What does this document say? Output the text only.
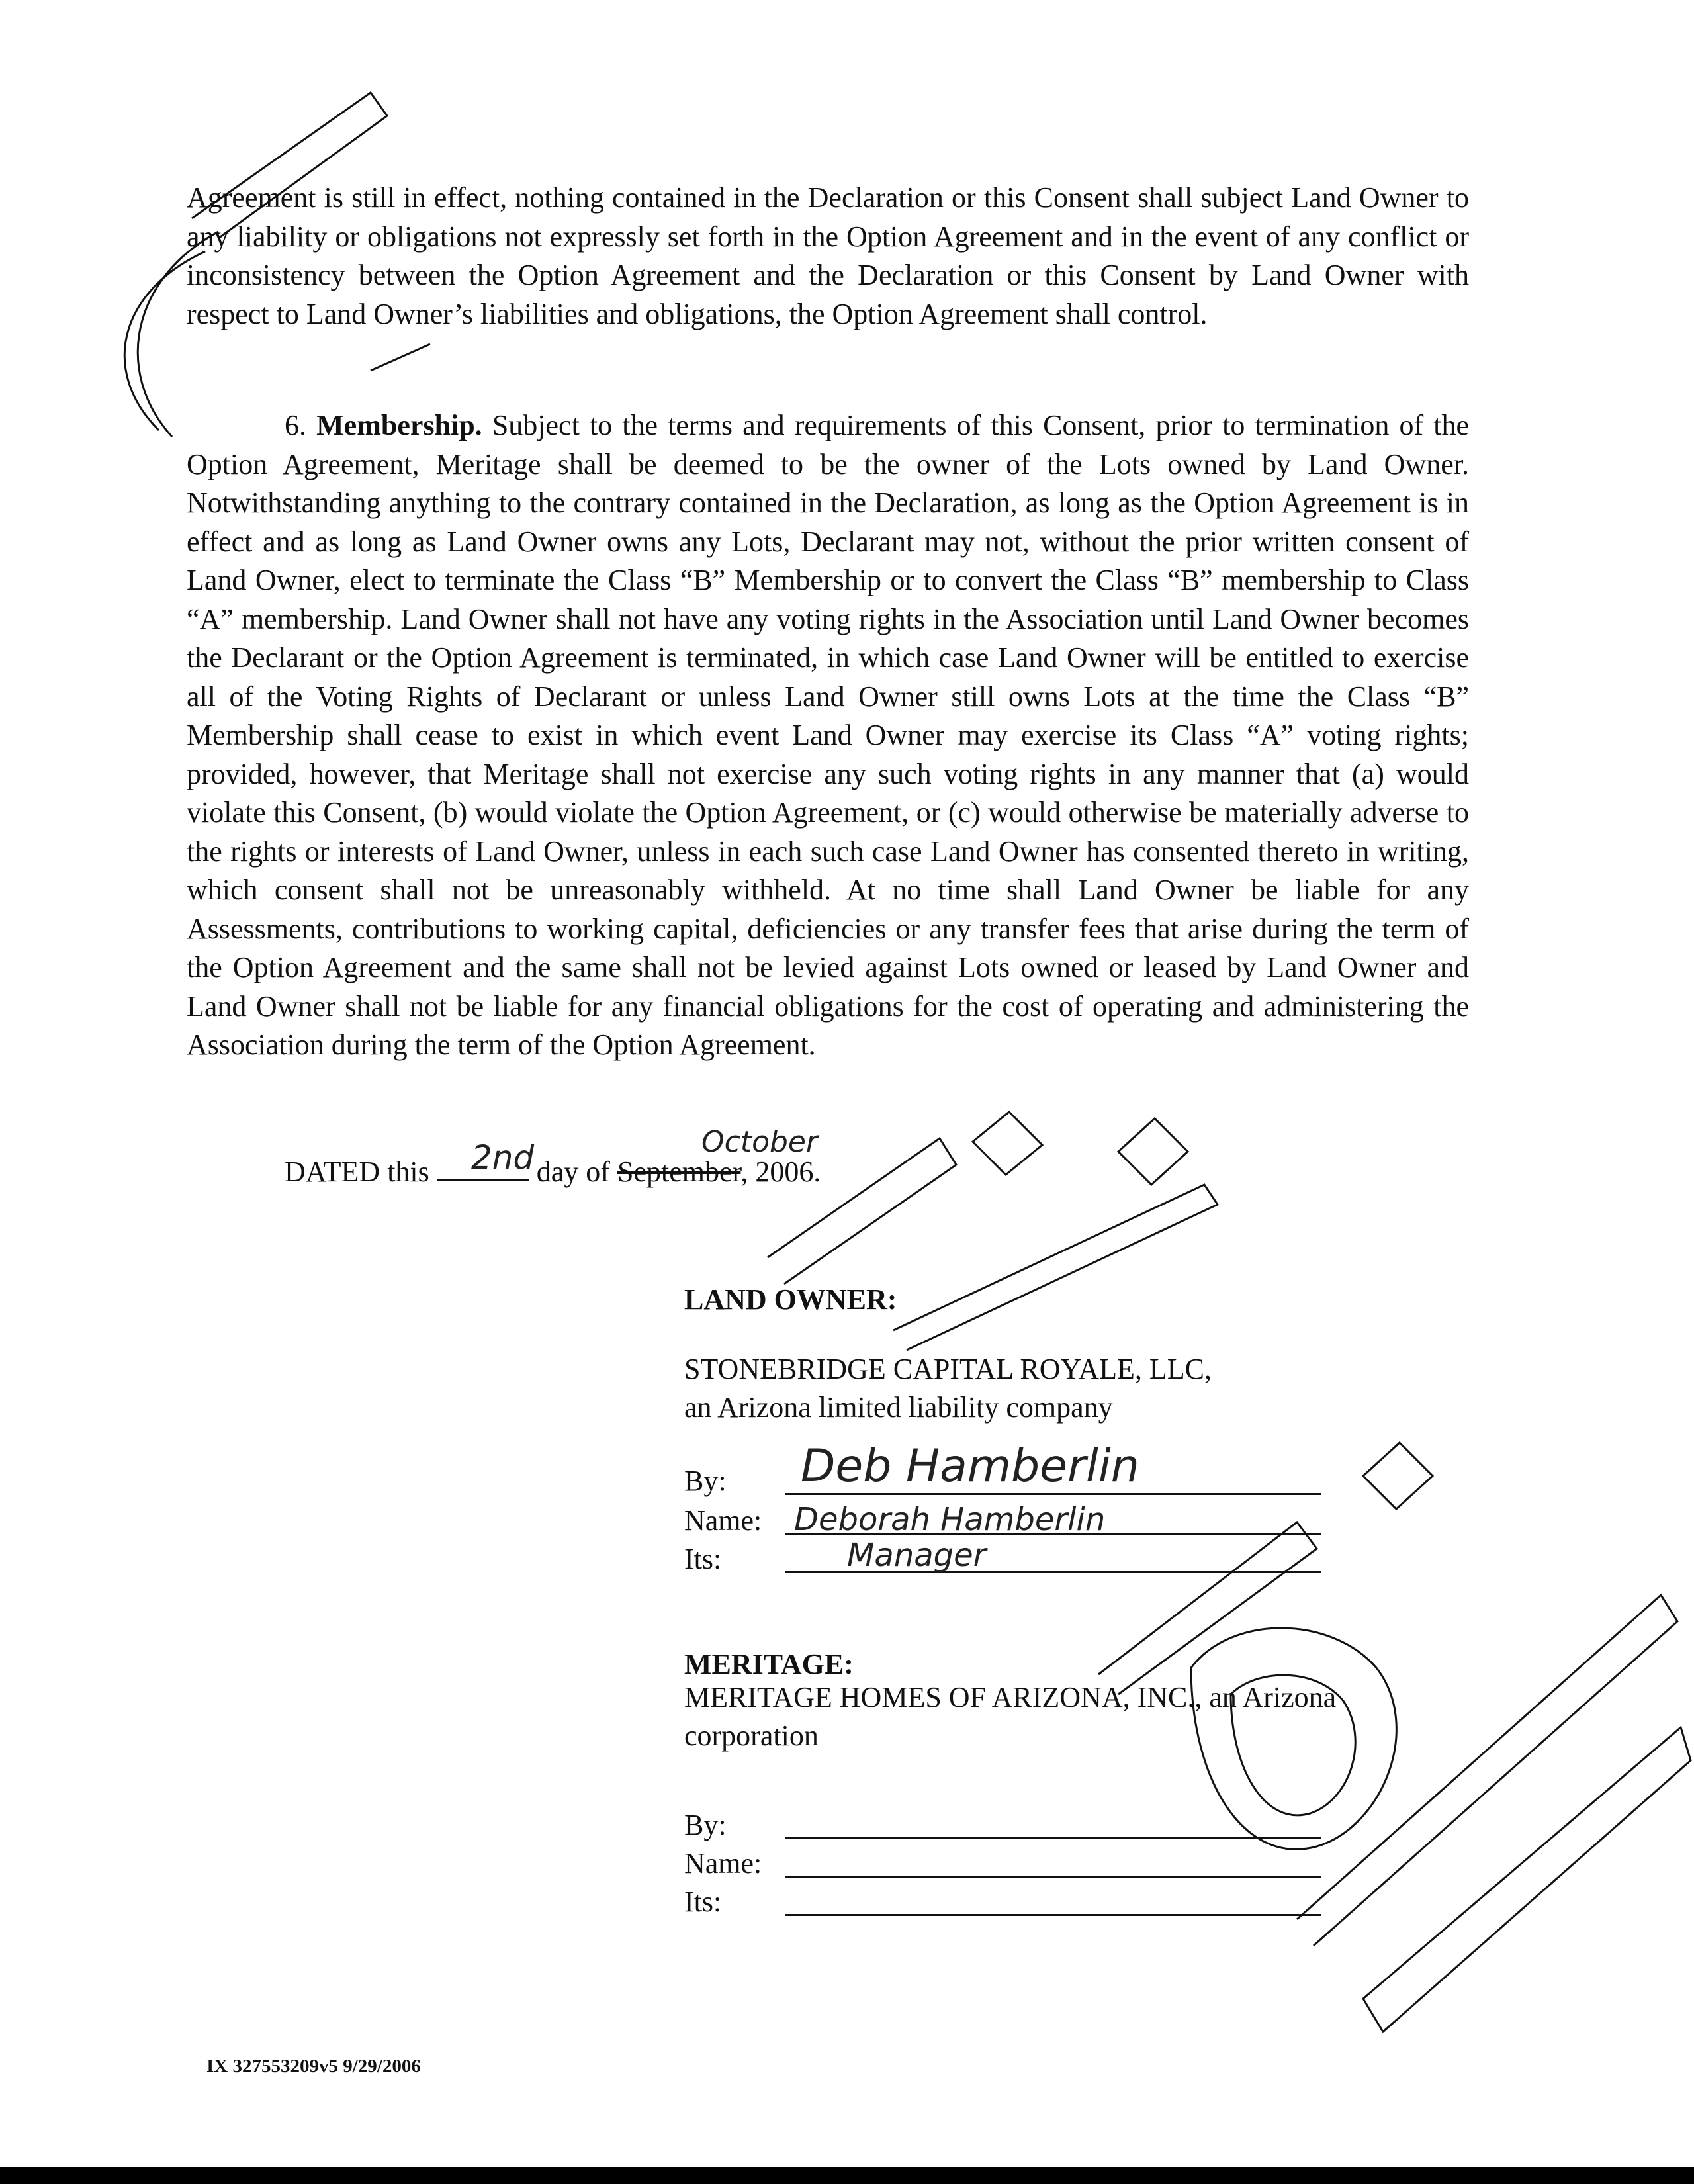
Agreement is still in effect, nothing contained in the Declaration or this Consent shall subject Land Owner to any liability or obligations not expressly set forth in the Option Agreement and in the event of any conflict or inconsistency between the Option Agreement and the Declaration or this Consent by Land Owner with respect to Land Owner’s liabilities and obligations, the Option Agreement shall control.
6. Membership. Subject to the terms and requirements of this Consent, prior to termination of the Option Agreement, Meritage shall be deemed to be the owner of the Lots owned by Land Owner. Notwithstanding anything to the contrary contained in the Declaration, as long as the Option Agreement is in effect and as long as Land Owner owns any Lots, Declarant may not, without the prior written consent of Land Owner, elect to terminate the Class “B” Membership or to convert the Class “B” membership to Class “A” membership. Land Owner shall not have any voting rights in the Association until Land Owner becomes the Declarant or the Option Agreement is terminated, in which case Land Owner will be entitled to exercise all of the Voting Rights of Declarant or unless Land Owner still owns Lots at the time the Class “B” Membership shall cease to exist in which event Land Owner may exercise its Class “A” voting rights; provided, however, that Meritage shall not exercise any such voting rights in any manner that (a) would violate this Consent, (b) would violate the Option Agreement, or (c) would otherwise be materially adverse to the rights or interests of Land Owner, unless in each such case Land Owner has consented thereto in writing, which consent shall not be unreasonably withheld. At no time shall Land Owner be liable for any Assessments, contributions to working capital, deficiencies or any transfer fees that arise during the term of the Option Agreement and the same shall not be levied against Lots owned or leased by Land Owner and Land Owner shall not be liable for any financial obligations for the cost of operating and administering the Association during the term of the Option Agreement.
DATED this	day of September, 2006.
2nd	October
LAND OWNER:
STONEBRIDGE CAPITAL ROYALE, LLC,
an Arizona limited liability company
By:
Name:
Its:
Deb Hamberlin
Deborah Hamberlin
Manager
MERITAGE:
MERITAGE HOMES OF ARIZONA, INC., an Arizona
corporation
By:
Name:
Its:
IX 327553209v5 9/29/2006
